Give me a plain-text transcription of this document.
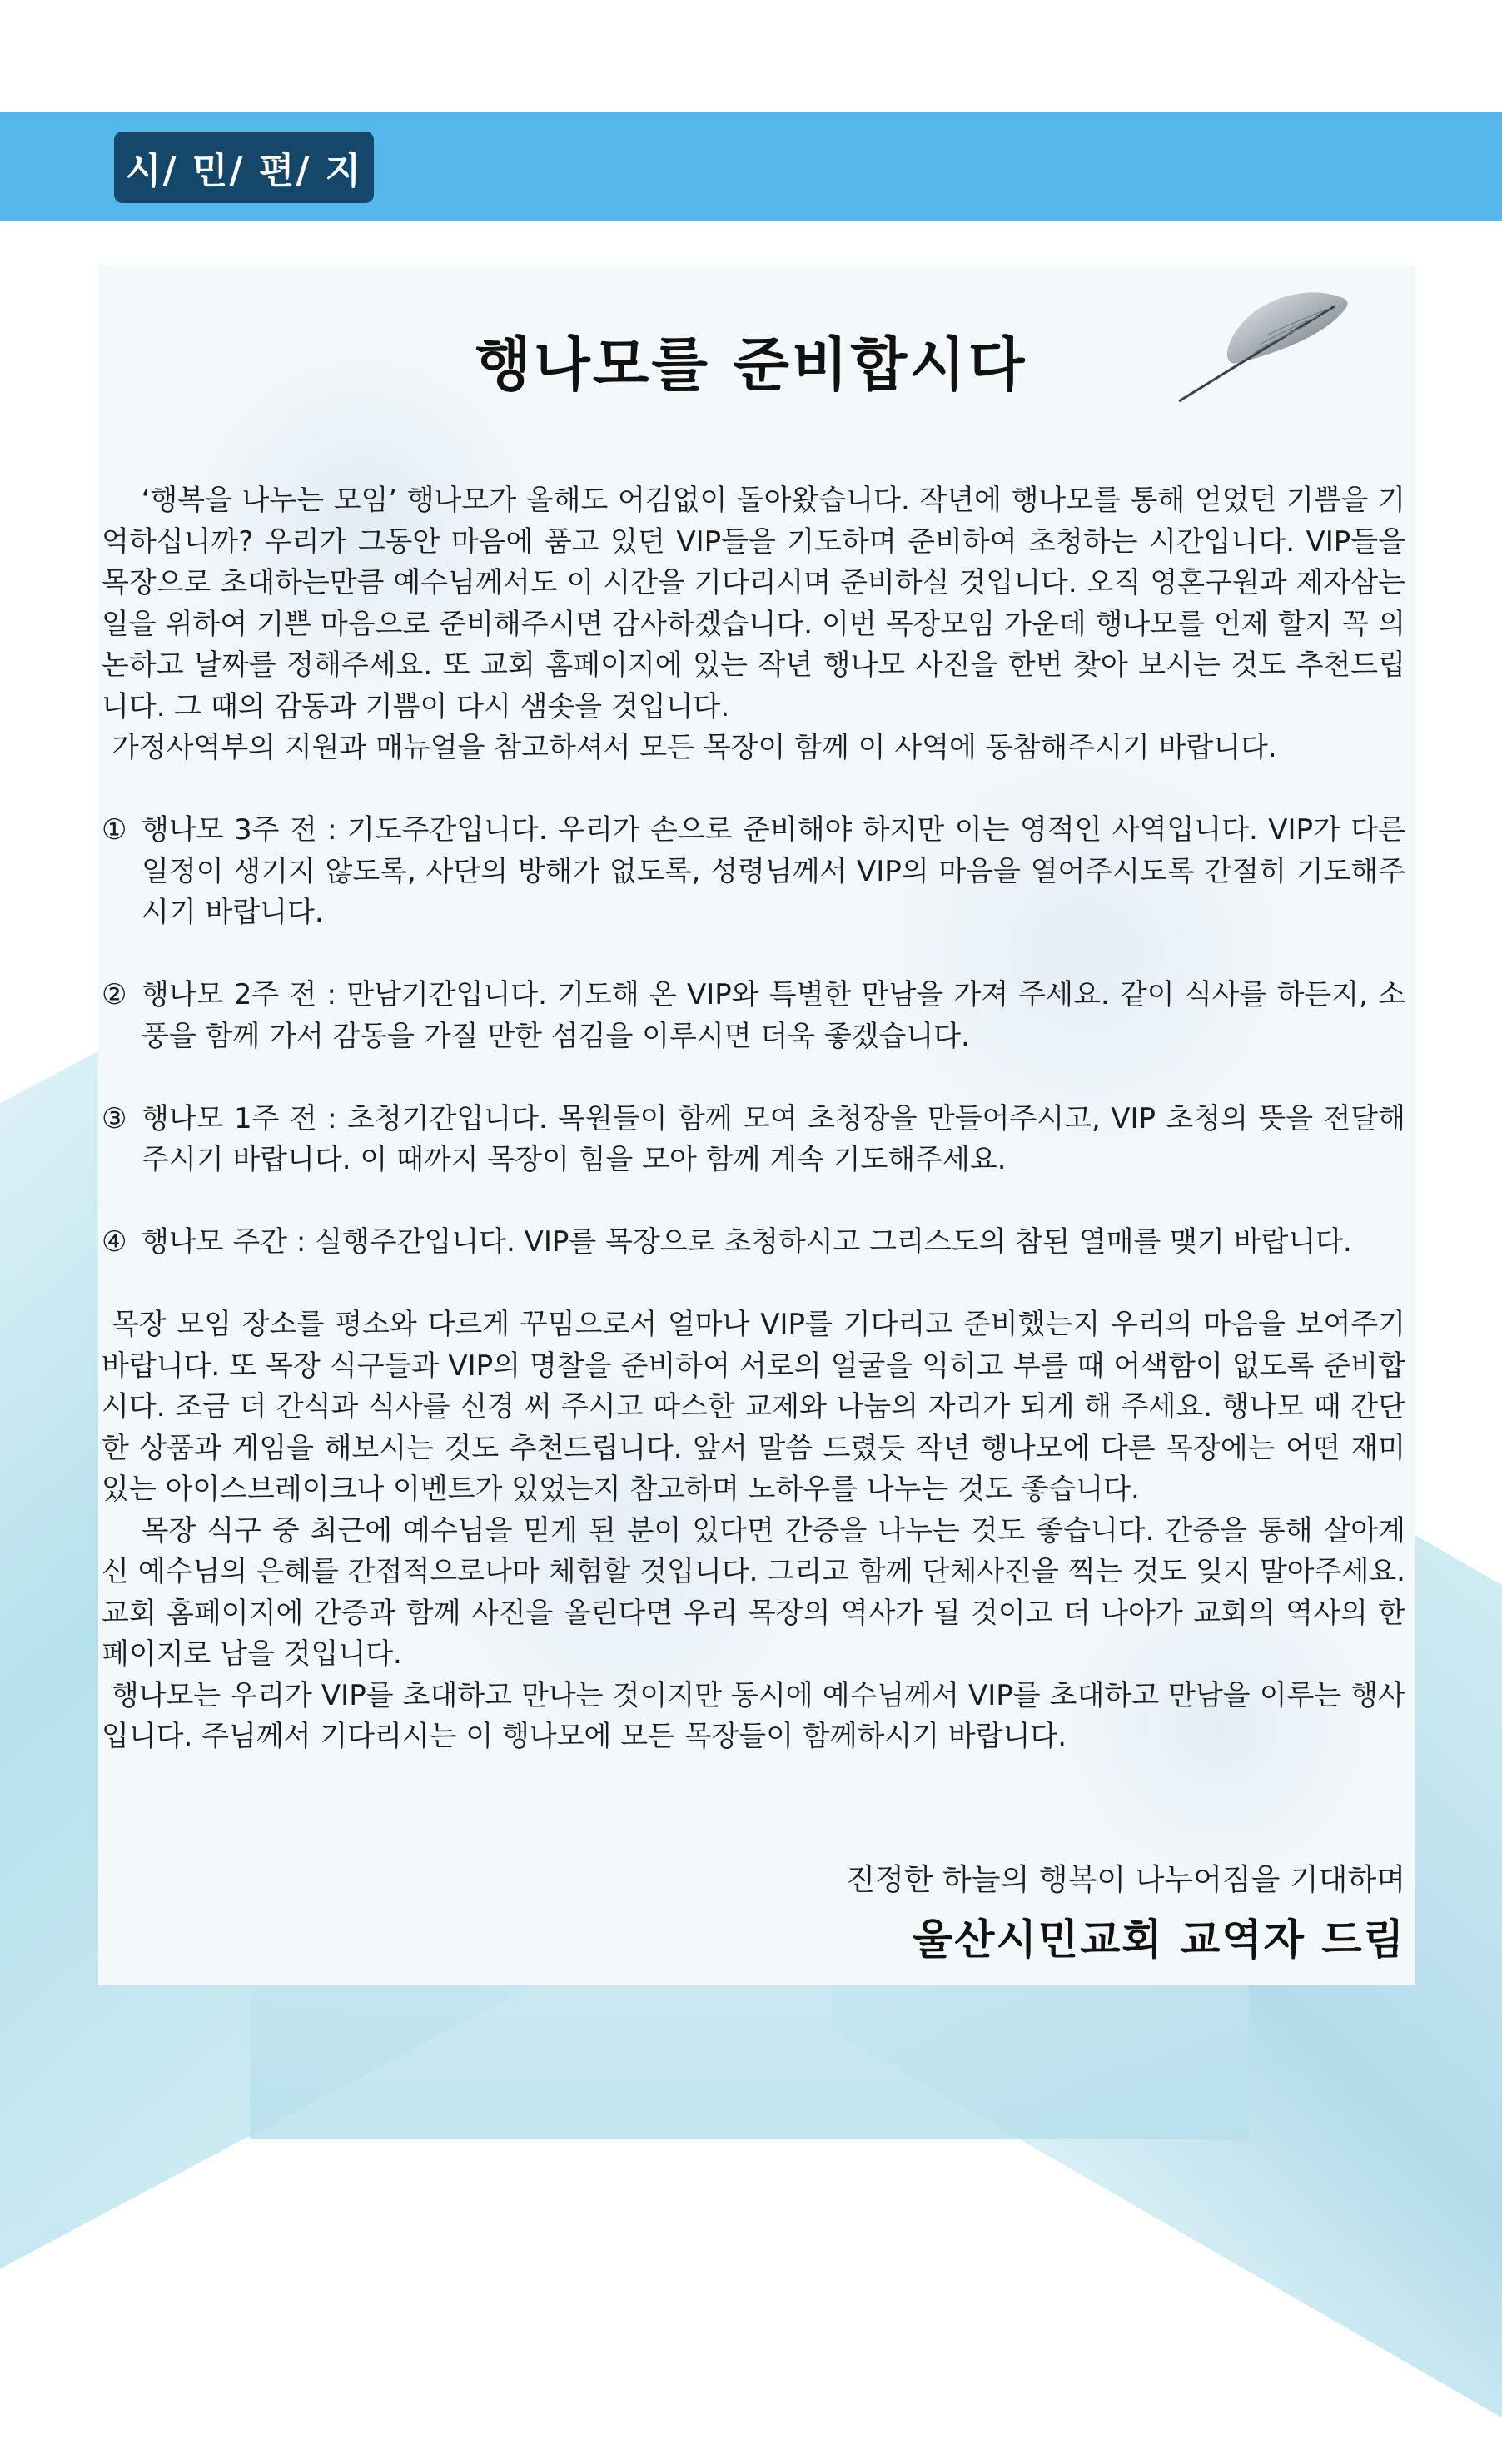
시/ 민/ 편/ 지
행나모를 준비합시다

‘행복을 나누는 모임’ 행나모가 올해도 어김없이 돌아왔습니다. 작년에 행나모를 통해 얻었던 기쁨을 기억하십니까? 우리가 그동안 마음에 품고 있던 VIP들을 기도하며 준비하여 초청하는 시간입니다. VIP들을 목장으로 초대하는만큼 예수님께서도 이 시간을 기다리시며 준비하실 것입니다. 오직 영혼구원과 제자삼는 일을 위하여 기쁜 마음으로 준비해주시면 감사하겠습니다. 이번 목장모임 가운데 행나모를 언제 할지 꼭 의논하고 날짜를 정해주세요. 또 교회 홈페이지에 있는 작년 행나모 사진을 한번 찾아 보시는 것도 추천드립니다. 그 때의 감동과 기쁨이 다시 샘솟을 것입니다.

가정사역부의 지원과 매뉴얼을 참고하셔서 모든 목장이 함께 이 사역에 동참해주시기 바랍니다.

① 행나모 3주 전 : 기도주간입니다. 우리가 손으로 준비해야 하지만 이는 영적인 사역입니다. VIP가 다른 일정이 생기지 않도록, 사단의 방해가 없도록, 성령님께서 VIP의 마음을 열어주시도록 간절히 기도해주시기 바랍니다.
② 행나모 2주 전 : 만남기간입니다. 기도해 온 VIP와 특별한 만남을 가져 주세요. 같이 식사를 하든지, 소풍을 함께 가서 감동을 가질 만한 섬김을 이루시면 더욱 좋겠습니다.
③ 행나모 1주 전 : 초청기간입니다. 목원들이 함께 모여 초청장을 만들어주시고, VIP 초청의 뜻을 전달해주시기 바랍니다. 이 때까지 목장이 힘을 모아 함께 계속 기도해주세요.
④ 행나모 주간 : 실행주간입니다. VIP를 목장으로 초청하시고 그리스도의 참된 열매를 맺기 바랍니다.

목장 모임 장소를 평소와 다르게 꾸밈으로서 얼마나 VIP를 기다리고 준비했는지 우리의 마음을 보여주기 바랍니다. 또 목장 식구들과 VIP의 명찰을 준비하여 서로의 얼굴을 익히고 부를 때 어색함이 없도록 준비합시다. 조금 더 간식과 식사를 신경 써 주시고 따스한 교제와 나눔의 자리가 되게 해 주세요. 행나모 때 간단한 상품과 게임을 해보시는 것도 추천드립니다. 앞서 말씀 드렸듯 작년 행나모에 다른 목장에는 어떤 재미있는 아이스브레이크나 이벤트가 있었는지 참고하며 노하우를 나누는 것도 좋습니다.

목장 식구 중 최근에 예수님을 믿게 된 분이 있다면 간증을 나누는 것도 좋습니다. 간증을 통해 살아계신 예수님의 은혜를 간접적으로나마 체험할 것입니다. 그리고 함께 단체사진을 찍는 것도 잊지 말아주세요. 교회 홈페이지에 간증과 함께 사진을 올린다면 우리 목장의 역사가 될 것이고 더 나아가 교회의 역사의 한 페이지로 남을 것입니다.

행나모는 우리가 VIP를 초대하고 만나는 것이지만 동시에 예수님께서 VIP를 초대하고 만남을 이루는 행사입니다. 주님께서 기다리시는 이 행나모에 모든 목장들이 함께하시기 바랍니다.

진정한 하늘의 행복이 나누어짐을 기대하며

울산시민교회 교역자 드림
